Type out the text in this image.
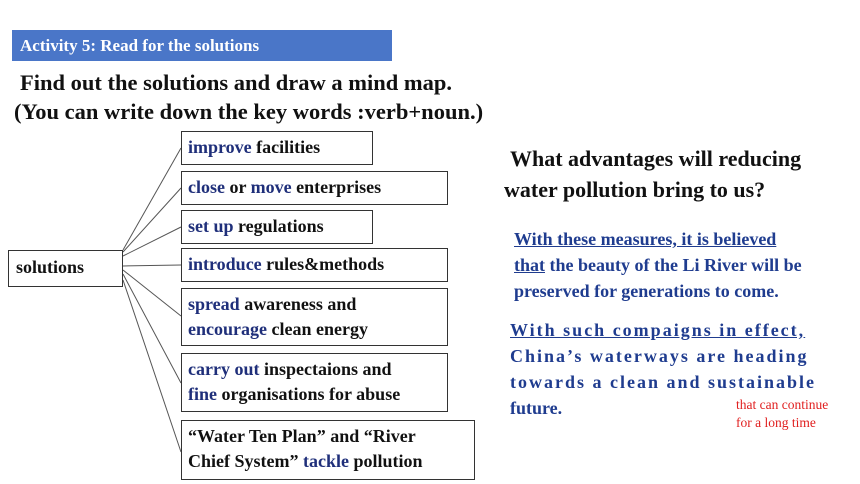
Activity 5: Read for the solutions
Find out the solutions and draw a mind map.
(You can write down the key words :verb+noun.)
solutions
improve facilities
close or move enterprises
set up regulations
introduce rules&methods
spread awareness and
encourage clean energy
carry out inspectaions and
fine organisations for abuse
“Water Ten Plan” and “River
Chief System” tackle pollution
What advantages will reducing
water pollution bring to us?
With these measures, it is believed
that the beauty of the Li River will be
preserved for generations to come.
With such compaigns in effect,
China’s waterways are heading
towards a clean and sustainable
future.	that can continue
for a long time
